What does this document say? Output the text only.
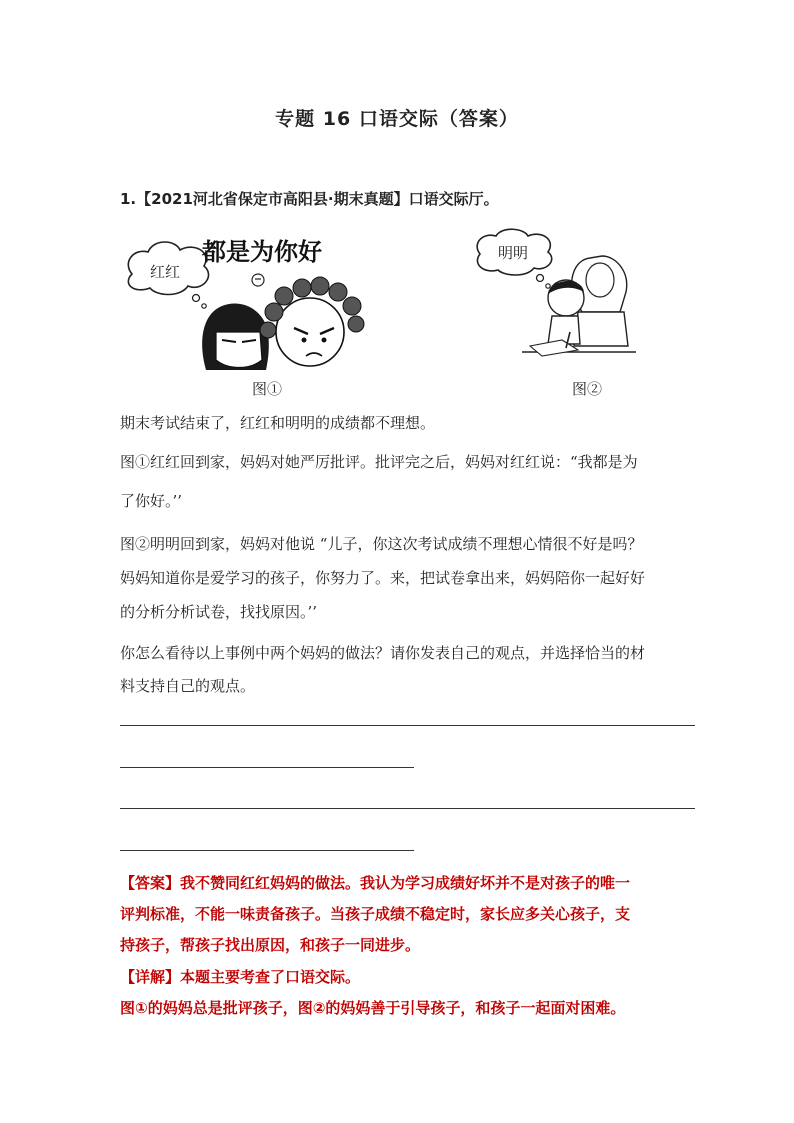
专题 16 口语交际（答案）
1.【2021河北省保定市高阳县·期末真题】口语交际厅。
红红
都是为你好
图①
明明
图②
期末考试结束了，红红和明明的成绩都不理想。
图①红红回到家，妈妈对她严厉批评。批评完之后，妈妈对红红说：“我都是为
了你好。’’
图②明明回到家，妈妈对他说 “儿子，你这次考试成绩不理想心情很不好是吗？
妈妈知道你是爱学习的孩子，你努力了。来，把试卷拿出来，妈妈陪你一起好好
的分析分析试卷，找找原因。’’
你怎么看待以上事例中两个妈妈的做法？请你发表自己的观点，并选择恰当的材
料支持自己的观点。
【答案】我不赞同红红妈妈的做法。我认为学习成绩好坏并不是对孩子的唯一
评判标准，不能一味责备孩子。当孩子成绩不稳定时，家长应多关心孩子，支
持孩子，帮孩子找出原因，和孩子一同进步。
【详解】本题主要考查了口语交际。
图①的妈妈总是批评孩子，图②的妈妈善于引导孩子，和孩子一起面对困难。
